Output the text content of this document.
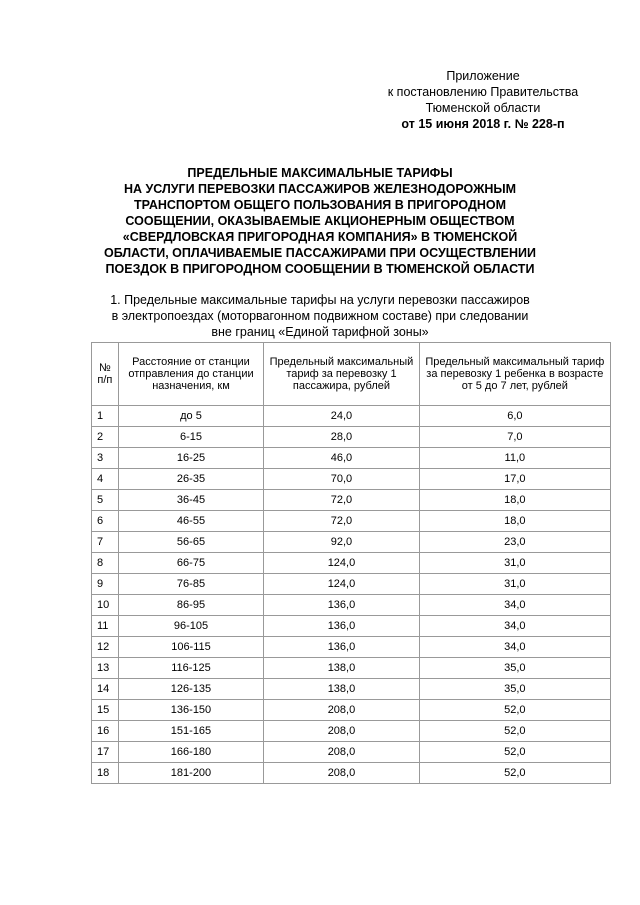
Приложение
к постановлению Правительства
Тюменской области
от 15 июня 2018 г. № 228-п
ПРЕДЕЛЬНЫЕ МАКСИМАЛЬНЫЕ ТАРИФЫ
НА УСЛУГИ ПЕРЕВОЗКИ ПАССАЖИРОВ ЖЕЛЕЗНОДОРОЖНЫМ
ТРАНСПОРТОМ ОБЩЕГО ПОЛЬЗОВАНИЯ В ПРИГОРОДНОМ
СООБЩЕНИИ, ОКАЗЫВАЕМЫЕ АКЦИОНЕРНЫМ ОБЩЕСТВОМ
«СВЕРДЛОВСКАЯ ПРИГОРОДНАЯ КОМПАНИЯ» В ТЮМЕНСКОЙ
ОБЛАСТИ, ОПЛАЧИВАЕМЫЕ ПАССАЖИРАМИ ПРИ ОСУЩЕСТВЛЕНИИ
ПОЕЗДОК В ПРИГОРОДНОМ СООБЩЕНИИ В ТЮМЕНСКОЙ ОБЛАСТИ
1. Предельные максимальные тарифы на услуги перевозки пассажиров
в электропоездах (моторвагонном подвижном составе) при следовании
вне границ «Единой тарифной зоны»
№ п/п	Расстояние от станции отправления до станции назначения, км	Предельный максимальный тариф за перевозку 1 пассажира, рублей	Предельный максимальный тариф за перевозку 1 ребенка в возрасте от 5 до 7 лет, рублей
1	до 5	24,0	6,0
2	6-15	28,0	7,0
3	16-25	46,0	11,0
4	26-35	70,0	17,0
5	36-45	72,0	18,0
6	46-55	72,0	18,0
7	56-65	92,0	23,0
8	66-75	124,0	31,0
9	76-85	124,0	31,0
10	86-95	136,0	34,0
11	96-105	136,0	34,0
12	106-115	136,0	34,0
13	116-125	138,0	35,0
14	126-135	138,0	35,0
15	136-150	208,0	52,0
16	151-165	208,0	52,0
17	166-180	208,0	52,0
18	181-200	208,0	52,0
